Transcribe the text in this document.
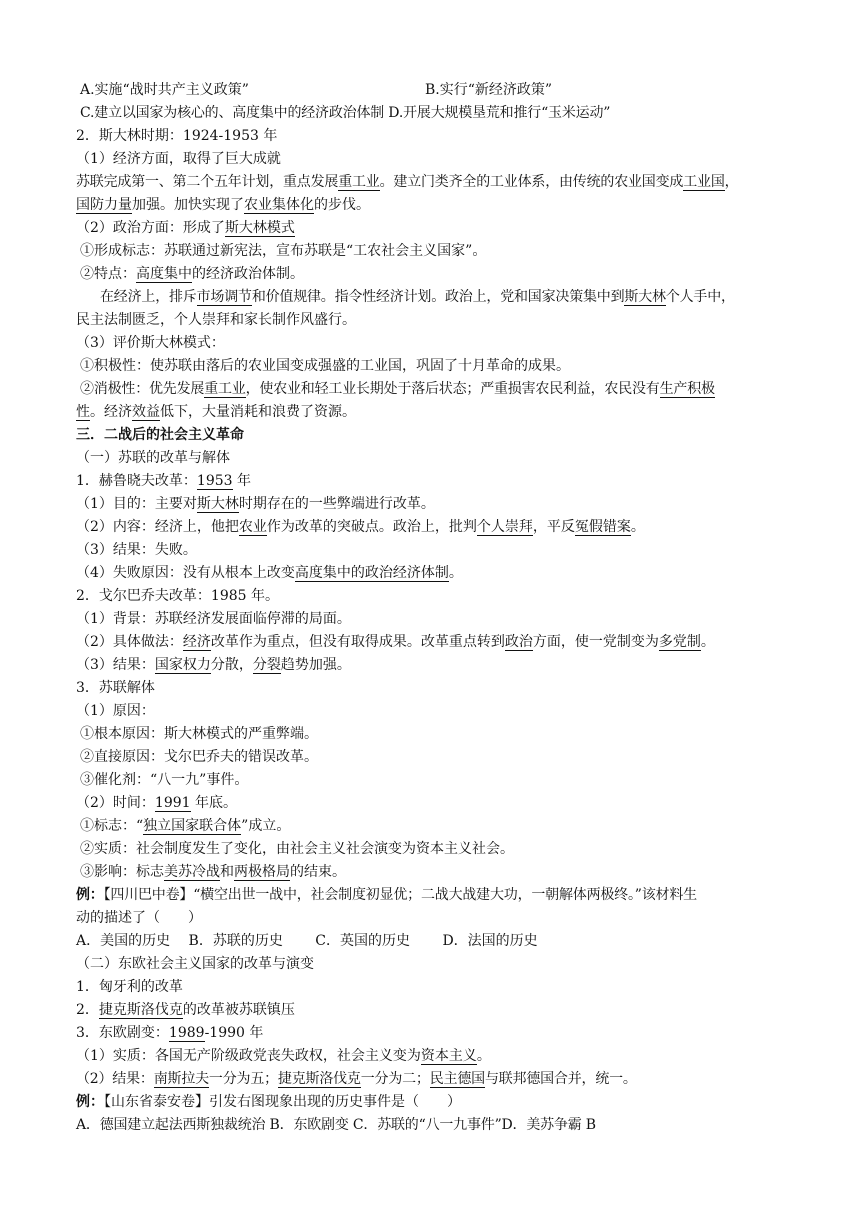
A.实施“战时共产主义政策”	B.实行“新经济政策”
C.建立以国家为核心的、高度集中的经济政治体制 D.开展大规模垦荒和推行“玉米运动”
2．斯大林时期：1924-1953 年
（1）经济方面，取得了巨大成就
苏联完成第一、第二个五年计划，重点发展重工业。建立门类齐全的工业体系，由传统的农业国变成工业国，
国防力量加强。加快实现了农业集体化的步伐。
（2）政治方面：形成了斯大林模式
①形成标志：苏联通过新宪法，宣布苏联是“工农社会主义国家”。
②特点：高度集中的经济政治体制。
在经济上，排斥市场调节和价值规律。指令性经济计划。政治上，党和国家决策集中到斯大林个人手中，
民主法制匮乏，个人崇拜和家长制作风盛行。
（3）评价斯大林模式：
①积极性：使苏联由落后的农业国变成强盛的工业国，巩固了十月革命的成果。
②消极性：优先发展重工业，使农业和轻工业长期处于落后状态；严重损害农民利益，农民没有生产积极
性。经济效益低下，大量消耗和浪费了资源。
三．二战后的社会主义革命
（一）苏联的改革与解体
1．赫鲁晓夫改革：1953 年
（1）目的：主要对斯大林时期存在的一些弊端进行改革。
（2）内容：经济上，他把农业作为改革的突破点。政治上，批判个人崇拜，平反冤假错案。
（3）结果：失败。
（4）失败原因：没有从根本上改变高度集中的政治经济体制。
2．戈尔巴乔夫改革：1985 年。
（1）背景：苏联经济发展面临停滞的局面。
（2）具体做法：经济改革作为重点，但没有取得成果。改革重点转到政治方面，使一党制变为多党制。
（3）结果：国家权力分散，分裂趋势加强。
3．苏联解体
（1）原因：
①根本原因：斯大林模式的严重弊端。
②直接原因：戈尔巴乔夫的错误改革。
③催化剂：“八一九”事件。
（2）时间：1991 年底。
①标志：“独立国家联合体”成立。
②实质：社会制度发生了变化，由社会主义社会演变为资本主义社会。
③影响：标志美苏冷战和两极格局的结束。
例：【四川巴中卷】“横空出世一战中，社会制度初显优；二战大战建大功，一朝解体两极终。”该材料生
动的描述了（　　）
A．美国的历史　 B．苏联的历史 　　C．英国的历史　 　D．法国的历史
（二）东欧社会主义国家的改革与演变
1．匈牙利的改革
2．捷克斯洛伐克的改革被苏联镇压
3．东欧剧变：1989-1990 年
（1）实质：各国无产阶级政党丧失政权，社会主义变为资本主义。
（2）结果：南斯拉夫一分为五；捷克斯洛伐克一分为二；民主德国与联邦德国合并，统一。
例：【山东省泰安卷】引发右图现象出现的历史事件是（　　）
A．德国建立起法西斯独裁统治 B．东欧剧变 C．苏联的“八一九事件”D．美苏争霸 B
